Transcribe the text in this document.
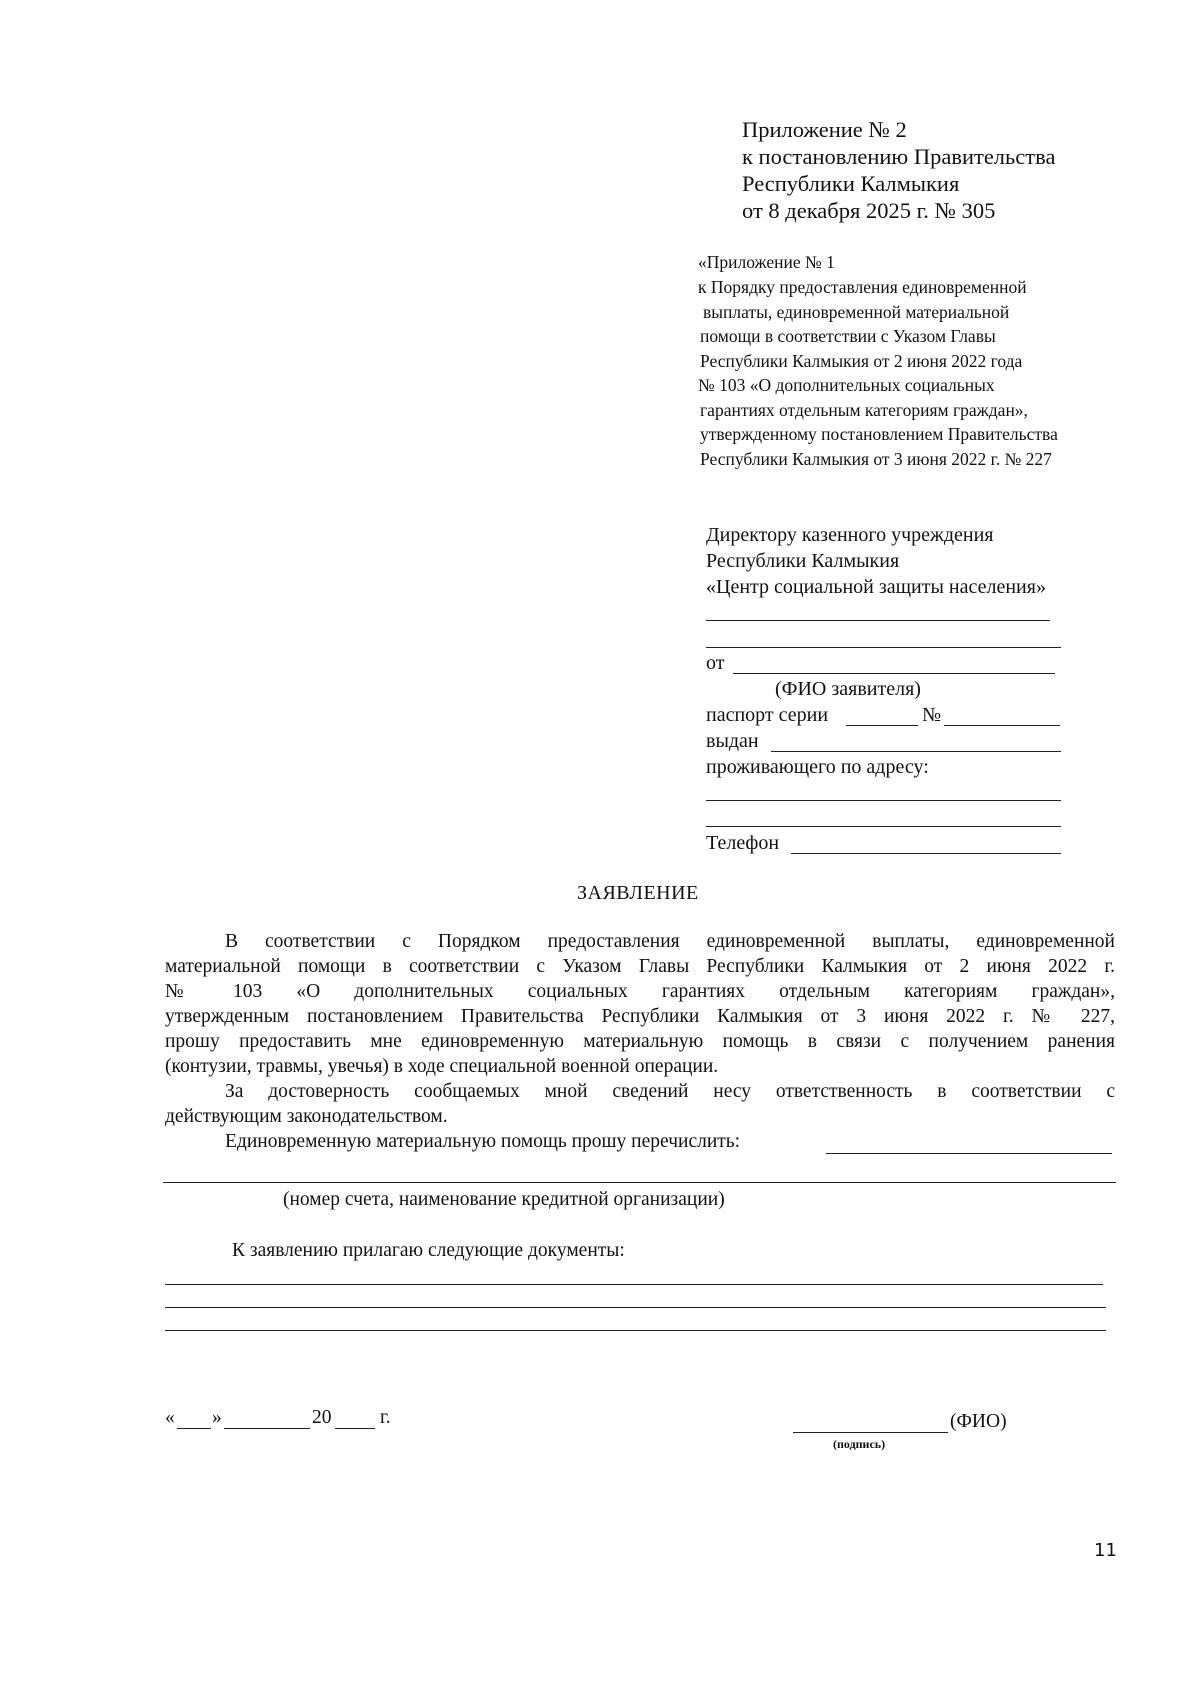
Приложение № 2
к постановлению Правительства
Республики Калмыкия
от 8 декабря 2025 г. № 305
«Приложение № 1
к Порядку предоставления единовременной
выплаты, единовременной материальной
помощи в соответствии с Указом Главы
Республики Калмыкия от 2 июня 2022 года
№ 103 «О дополнительных социальных
гарантиях отдельным категориям граждан»,
утвержденному постановлением Правительства
Республики Калмыкия от 3 июня 2022 г. № 227
Директору казенного учреждения
Республики Калмыкия
«Центр социальной защиты населения»
от
(ФИО заявителя)
паспорт серии	№
выдан
проживающего по адресу:
Телефон
ЗАЯВЛЕНИЕ
В соответствии с Порядком предоставления единовременной выплаты, единовременной
материальной помощи в соответствии с Указом Главы Республики Калмыкия от 2 июня 2022 г.
№ 103 «О дополнительных социальных гарантиях отдельным категориям граждан»,
утвержденным постановлением Правительства Республики Калмыкия от 3 июня 2022 г. № 227,
прошу предоставить мне единовременную материальную помощь в связи с получением ранения
(контузии, травмы, увечья) в ходе специальной военной операции.
За достоверность сообщаемых мной сведений несу ответственность в соответствии с
действующим законодательством.
Единовременную материальную помощь прошу перечислить:
(номер счета, наименование кредитной организации)
К заявлению прилагаю следующие документы:
« »	20 г.	(ФИО)
(подпись)
11
